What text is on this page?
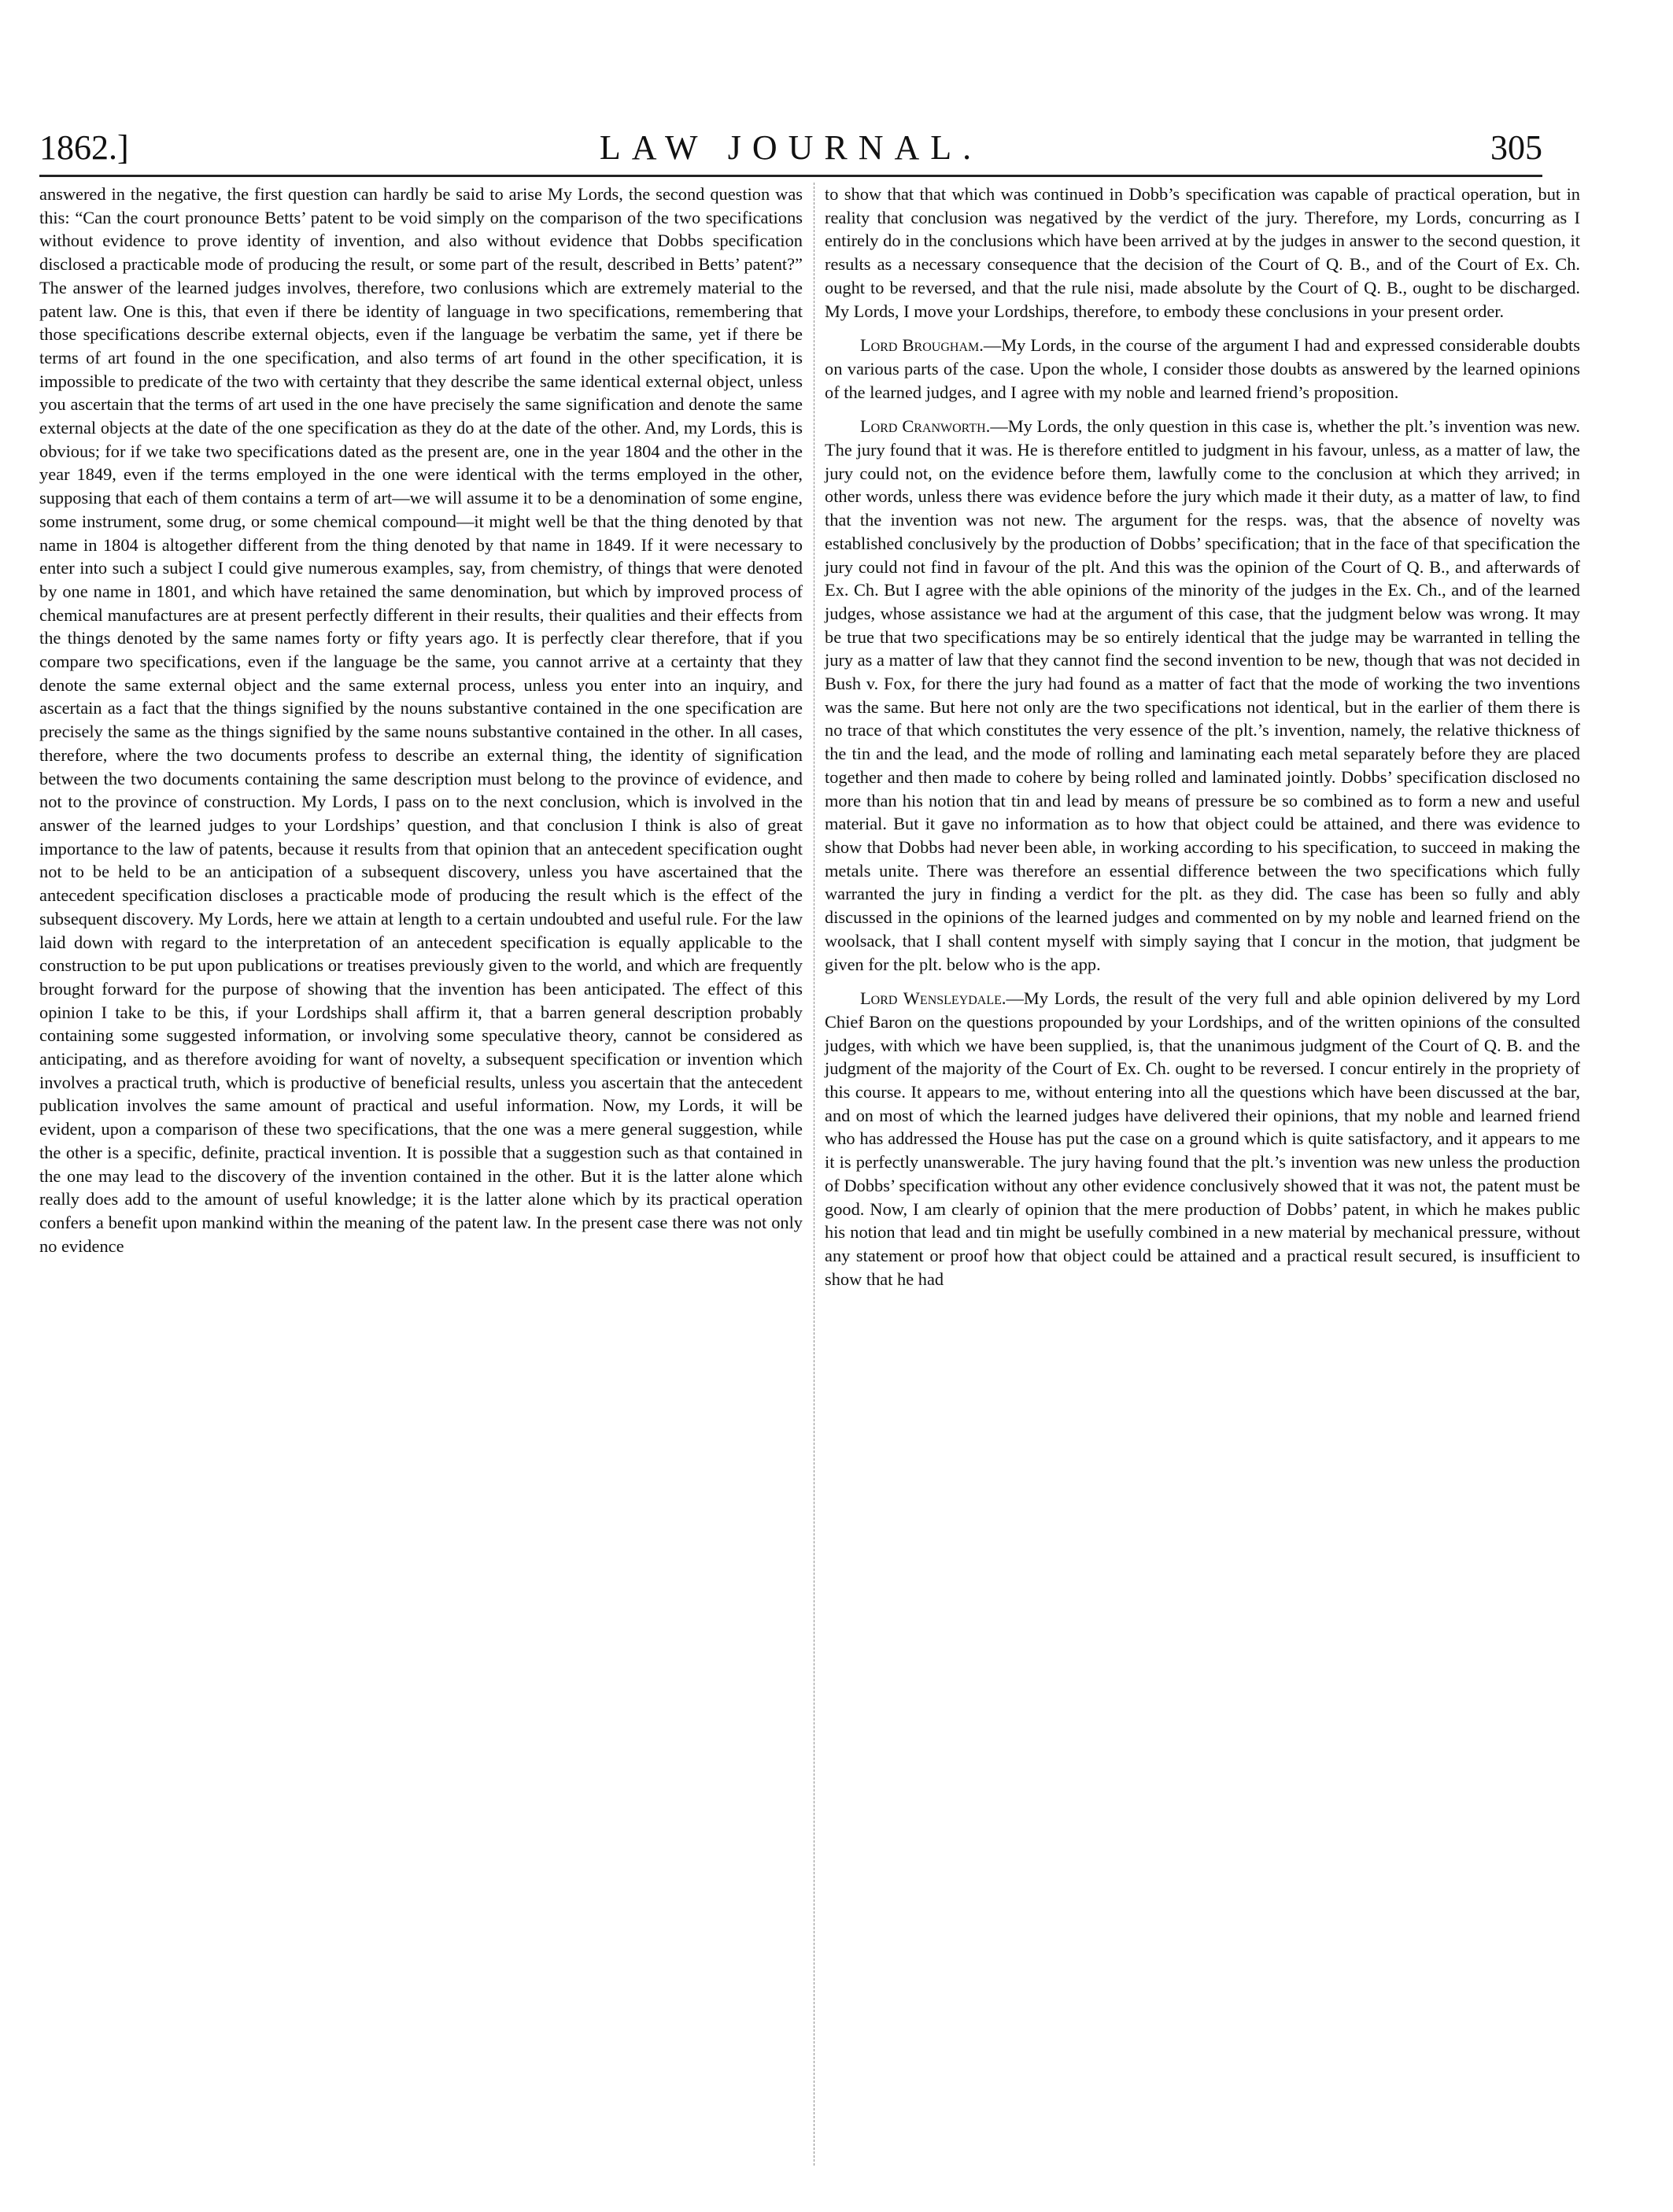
LAW JOURNAL.
1862.]	305

answered in the negative, the first question can hardly be said to arise My Lords, the second question was this: “Can the court pronounce Betts’ patent to be void simply on the comparison of the two specifications without evidence to prove identity of invention, and also without evidence that Dobbs specification disclosed a practicable mode of producing the result, or some part of the result, described in Betts’ patent?” The answer of the learned judges involves, therefore, two conlusions which are extremely material to the patent law. One is this, that even if there be identity of language in two specifications, remembering that those specifications describe external objects, even if the language be verbatim the same, yet if there be terms of art found in the one specification, and also terms of art found in the other specification, it is impossible to predicate of the two with certainty that they describe the same identical external object, unless you ascertain that the terms of art used in the one have precisely the same signification and denote the same external objects at the date of the one specification as they do at the date of the other. And, my Lords, this is obvious; for if we take two specifications dated as the present are, one in the year 1804 and the other in the year 1849, even if the terms employed in the one were identical with the terms employed in the other, supposing that each of them contains a term of art—we will assume it to be a denomination of some engine, some instrument, some drug, or some chemical compound—it might well be that the thing denoted by that name in 1804 is altogether different from the thing denoted by that name in 1849. If it were necessary to enter into such a subject I could give numerous examples, say, from chemistry, of things that were denoted by one name in 1801, and which have retained the same denomination, but which by improved process of chemical manufactures are at present perfectly different in their results, their qualities and their effects from the things denoted by the same names forty or fifty years ago. It is perfectly clear therefore, that if you compare two specifications, even if the language be the same, you cannot arrive at a certainty that they denote the same external object and the same external process, unless you enter into an inquiry, and ascertain as a fact that the things signified by the nouns substantive contained in the one specification are precisely the same as the things signified by the same nouns substantive contained in the other. In all cases, therefore, where the two documents profess to describe an external thing, the identity of signification between the two documents containing the same description must belong to the province of evidence, and not to the province of construction. My Lords, I pass on to the next conclusion, which is involved in the answer of the learned judges to your Lordships’ question, and that conclusion I think is also of great importance to the law of patents, because it results from that opinion that an antecedent specification ought not to be held to be an anticipation of a subsequent discovery, unless you have ascertained that the antecedent specification discloses a practicable mode of producing the result which is the effect of the subsequent discovery. My Lords, here we attain at length to a certain undoubted and useful rule. For the law laid down with regard to the interpretation of an antecedent specification is equally applicable to the construction to be put upon publications or treatises previously given to the world, and which are frequently brought forward for the purpose of showing that the invention has been anticipated. The effect of this opinion I take to be this, if your Lordships shall affirm it, that a barren general description probably containing some suggested information, or involving some speculative theory, cannot be considered as anticipating, and as therefore avoiding for want of novelty, a subsequent specification or invention which involves a practical truth, which is productive of beneficial results, unless you ascertain that the antecedent publication involves the same amount of practical and useful information. Now, my Lords, it will be evident, upon a comparison of these two specifications, that the one was a mere general suggestion, while the other is a specific, definite, practical invention. It is possible that a suggestion such as that contained in the one may lead to the discovery of the invention contained in the other. But it is the latter alone which really does add to the amount of useful knowledge; it is the latter alone which by its practical operation confers a benefit upon mankind within the meaning of the patent law. In the present case there was not only no evidence

to show that that which was continued in Dobb’s specification was capable of practical operation, but in reality that conclusion was negatived by the verdict of the jury. Therefore, my Lords, concurring as I entirely do in the conclusions which have been arrived at by the judges in answer to the second question, it results as a necessary consequence that the decision of the Court of Q. B., and of the Court of Ex. Ch. ought to be reversed, and that the rule nisi, made absolute by the Court of Q. B., ought to be discharged. My Lords, I move your Lordships, therefore, to embody these conclusions in your present order.

Lord Brougham.—My Lords, in the course of the argument I had and expressed considerable doubts on various parts of the case. Upon the whole, I consider those doubts as answered by the learned opinions of the learned judges, and I agree with my noble and learned friend’s proposition.

Lord Cranworth.—My Lords, the only question in this case is, whether the plt.’s invention was new. The jury found that it was. He is therefore entitled to judgment in his favour, unless, as a matter of law, the jury could not, on the evidence before them, lawfully come to the conclusion at which they arrived; in other words, unless there was evidence before the jury which made it their duty, as a matter of law, to find that the invention was not new. The argument for the resps. was, that the absence of novelty was established conclusively by the production of Dobbs’ specification; that in the face of that specification the jury could not find in favour of the plt. And this was the opinion of the Court of Q. B., and afterwards of Ex. Ch. But I agree with the able opinions of the minority of the judges in the Ex. Ch., and of the learned judges, whose assistance we had at the argument of this case, that the judgment below was wrong. It may be true that two specifications may be so entirely identical that the judge may be warranted in telling the jury as a matter of law that they cannot find the second invention to be new, though that was not decided in Bush v. Fox, for there the jury had found as a matter of fact that the mode of working the two inventions was the same. But here not only are the two specifications not identical, but in the earlier of them there is no trace of that which constitutes the very essence of the plt.’s invention, namely, the relative thickness of the tin and the lead, and the mode of rolling and laminating each metal separately before they are placed together and then made to cohere by being rolled and laminated jointly. Dobbs’ specification disclosed no more than his notion that tin and lead by means of pressure be so combined as to form a new and useful material. But it gave no information as to how that object could be attained, and there was evidence to show that Dobbs had never been able, in working according to his specification, to succeed in making the metals unite. There was therefore an essential difference between the two specifications which fully warranted the jury in finding a verdict for the plt. as they did. The case has been so fully and ably discussed in the opinions of the learned judges and commented on by my noble and learned friend on the woolsack, that I shall content myself with simply saying that I concur in the motion, that judgment be given for the plt. below who is the app.

Lord Wensleydale.—My Lords, the result of the very full and able opinion delivered by my Lord Chief Baron on the questions propounded by your Lordships, and of the written opinions of the consulted judges, with which we have been supplied, is, that the unanimous judgment of the Court of Q. B. and the judgment of the majority of the Court of Ex. Ch. ought to be reversed. I concur entirely in the propriety of this course. It appears to me, without entering into all the questions which have been discussed at the bar, and on most of which the learned judges have delivered their opinions, that my noble and learned friend who has addressed the House has put the case on a ground which is quite satisfactory, and it appears to me it is perfectly unanswerable. The jury having found that the plt.’s invention was new unless the production of Dobbs’ specification without any other evidence conclusively showed that it was not, the patent must be good. Now, I am clearly of opinion that the mere production of Dobbs’ patent, in which he makes public his notion that lead and tin might be usefully combined in a new material by mechanical pressure, without any statement or proof how that object could be attained and a practical result secured, is insufficient to show that he had
